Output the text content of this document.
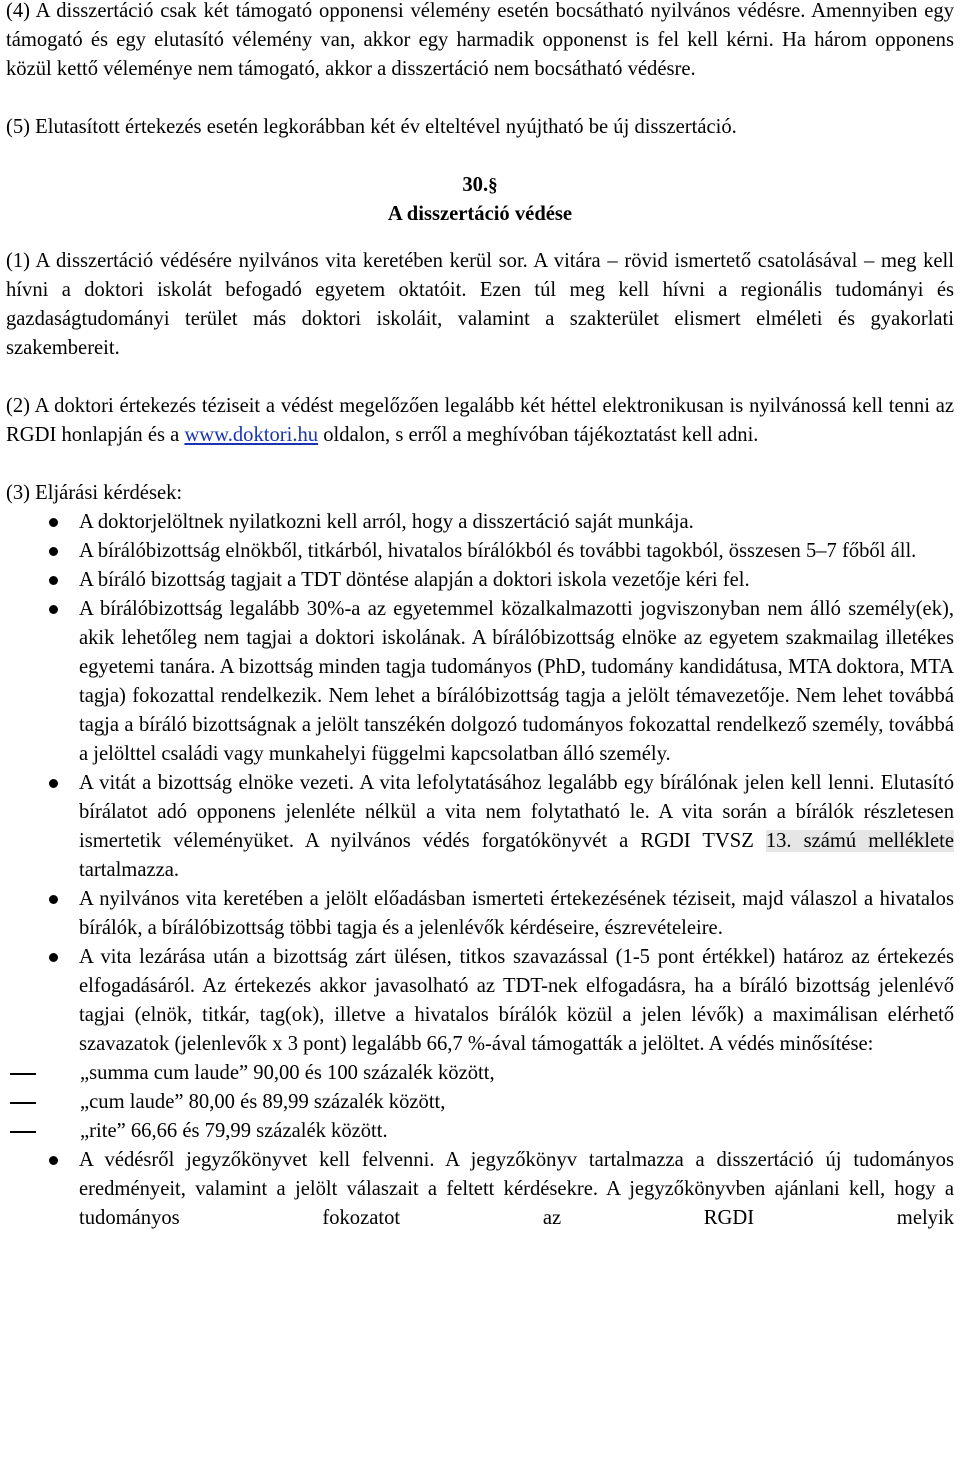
(4) A disszertáció csak két támogató opponensi vélemény esetén bocsátható nyilvános védésre. Amennyiben egy támogató és egy elutasító vélemény van, akkor egy harmadik opponenst is fel kell kérni. Ha három opponens közül kettő véleménye nem támogató, akkor a disszertáció nem bocsátható védésre.

(5) Elutasított értekezés esetén legkorábban két év elteltével nyújtható be új disszertáció.

30.§

A disszertáció védése

(1) A disszertáció védésére nyilvános vita keretében kerül sor. A vitára – rövid ismertető csatolásával – meg kell hívni a doktori iskolát befogadó egyetem oktatóit. Ezen túl meg kell hívni a regionális tudományi és gazdaságtudományi terület más doktori iskoláit, valamint a szakterület elismert elméleti és gyakorlati szakembereit.

(2) A doktori értekezés téziseit a védést megelőzően legalább két héttel elektronikusan is nyilvánossá kell tenni az RGDI honlapján és a www.doktori.hu oldalon, s erről a meghívóban tájékoztatást kell adni.

(3) Eljárási kérdések:

A doktorjelöltnek nyilatkozni kell arról, hogy a disszertáció saját munkája.
A bírálóbizottság elnökből, titkárból, hivatalos bírálókból és további tagokból, összesen 5–7 főből áll.
A bíráló bizottság tagjait a TDT döntése alapján a doktori iskola vezetője kéri fel.
A bírálóbizottság legalább 30%-a az egyetemmel közalkalmazotti jogviszonyban nem álló személy(ek), akik lehetőleg nem tagjai a doktori iskolának. A bírálóbizottság elnöke az egyetem szakmailag illetékes egyetemi tanára. A bizottság minden tagja tudományos (PhD, tudomány kandidátusa, MTA doktora, MTA tagja) fokozattal rendelkezik. Nem lehet a bírálóbizottság tagja a jelölt témavezetője. Nem lehet továbbá tagja a bíráló bizottságnak a jelölt tanszékén dolgozó tudományos fokozattal rendelkező személy, továbbá a jelölttel családi vagy munkahelyi függelmi kapcsolatban álló személy.
A vitát a bizottság elnöke vezeti. A vita lefolytatásához legalább egy bírálónak jelen kell lenni. Elutasító bírálatot adó opponens jelenléte nélkül a vita nem folytatható le. A vita során a bírálók részletesen ismertetik véleményüket. A nyilvános védés forgatókönyvét a RGDI TVSZ 13. számú melléklete tartalmazza.
A nyilvános vita keretében a jelölt előadásban ismerteti értekezésének téziseit, majd válaszol a hivatalos bírálók, a bírálóbizottság többi tagja és a jelenlévők kérdéseire, észrevételeire.
A vita lezárása után a bizottság zárt ülésen, titkos szavazással (1-5 pont értékkel) határoz az értekezés elfogadásáról. Az értekezés akkor javasolható az TDT-nek elfogadásra, ha a bíráló bizottság jelenlévő tagjai (elnök, titkár, tag(ok), illetve a hivatalos bírálók közül a jelen lévők) a maximálisan elérhető szavazatok (jelenlevők x 3 pont) legalább 66,7 %-ával támogatták a jelöltet. A védés minősítése:
„summa cum laude” 90,00 és 100 százalék között,
„cum laude” 80,00 és 89,99 százalék között,
„rite” 66,66 és 79,99 százalék között.
A védésről jegyzőkönyvet kell felvenni. A jegyzőkönyv tartalmazza a disszertáció új tudományos eredményeit, valamint a jelölt válaszait a feltett kérdésekre. A jegyzőkönyvben ajánlani kell, hogy a tudományos fokozatot az RGDI melyik
